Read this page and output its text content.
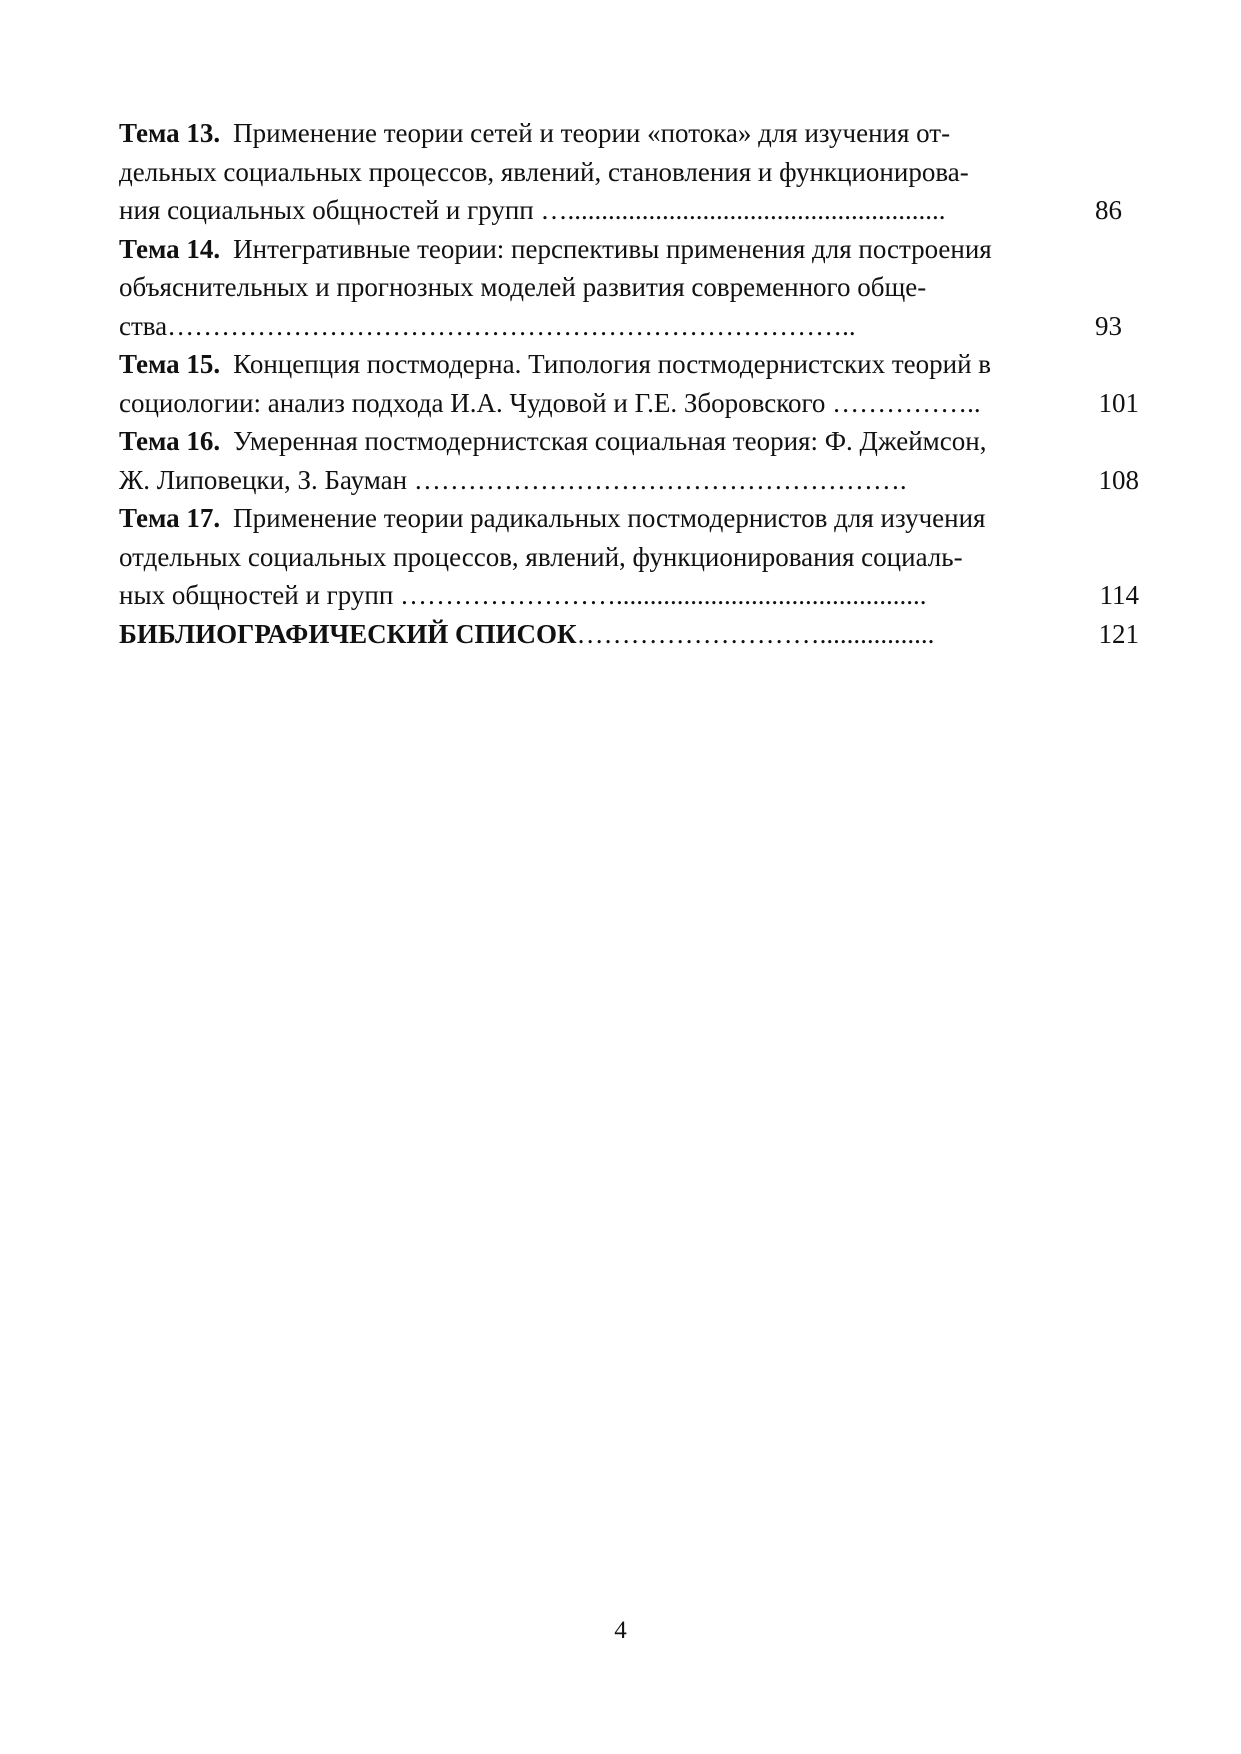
Тема 13. Применение теории сетей и теории «потока» для изучения от-
дельных социальных процессов, явлений, становления и функционирова-
ния социальных общностей и групп …........................................................	86
Тема 14. Интегративные теории: перспективы применения для построения
объяснительных и прогнозных моделей развития современного обще-
ства…………………………………………………………………..	93
Тема 15. Концепция постмодерна. Типология постмодернистских теорий в
социологии: анализ подхода И.А. Чудовой и Г.Е. Зборовского ……………..	101
Тема 16. Умеренная постмодернистская социальная теория: Ф. Джеймсон,
Ж. Липовецки, З. Бауман ……………………………………………….	108
Тема 17. Применение теории радикальных постмодернистов для изучения
отдельных социальных процессов, явлений, функционирования социаль-
ных общностей и групп ……………………..............................................	114
БИБЛИОГРАФИЧЕСКИЙ СПИСОК……………………….................	121
4
